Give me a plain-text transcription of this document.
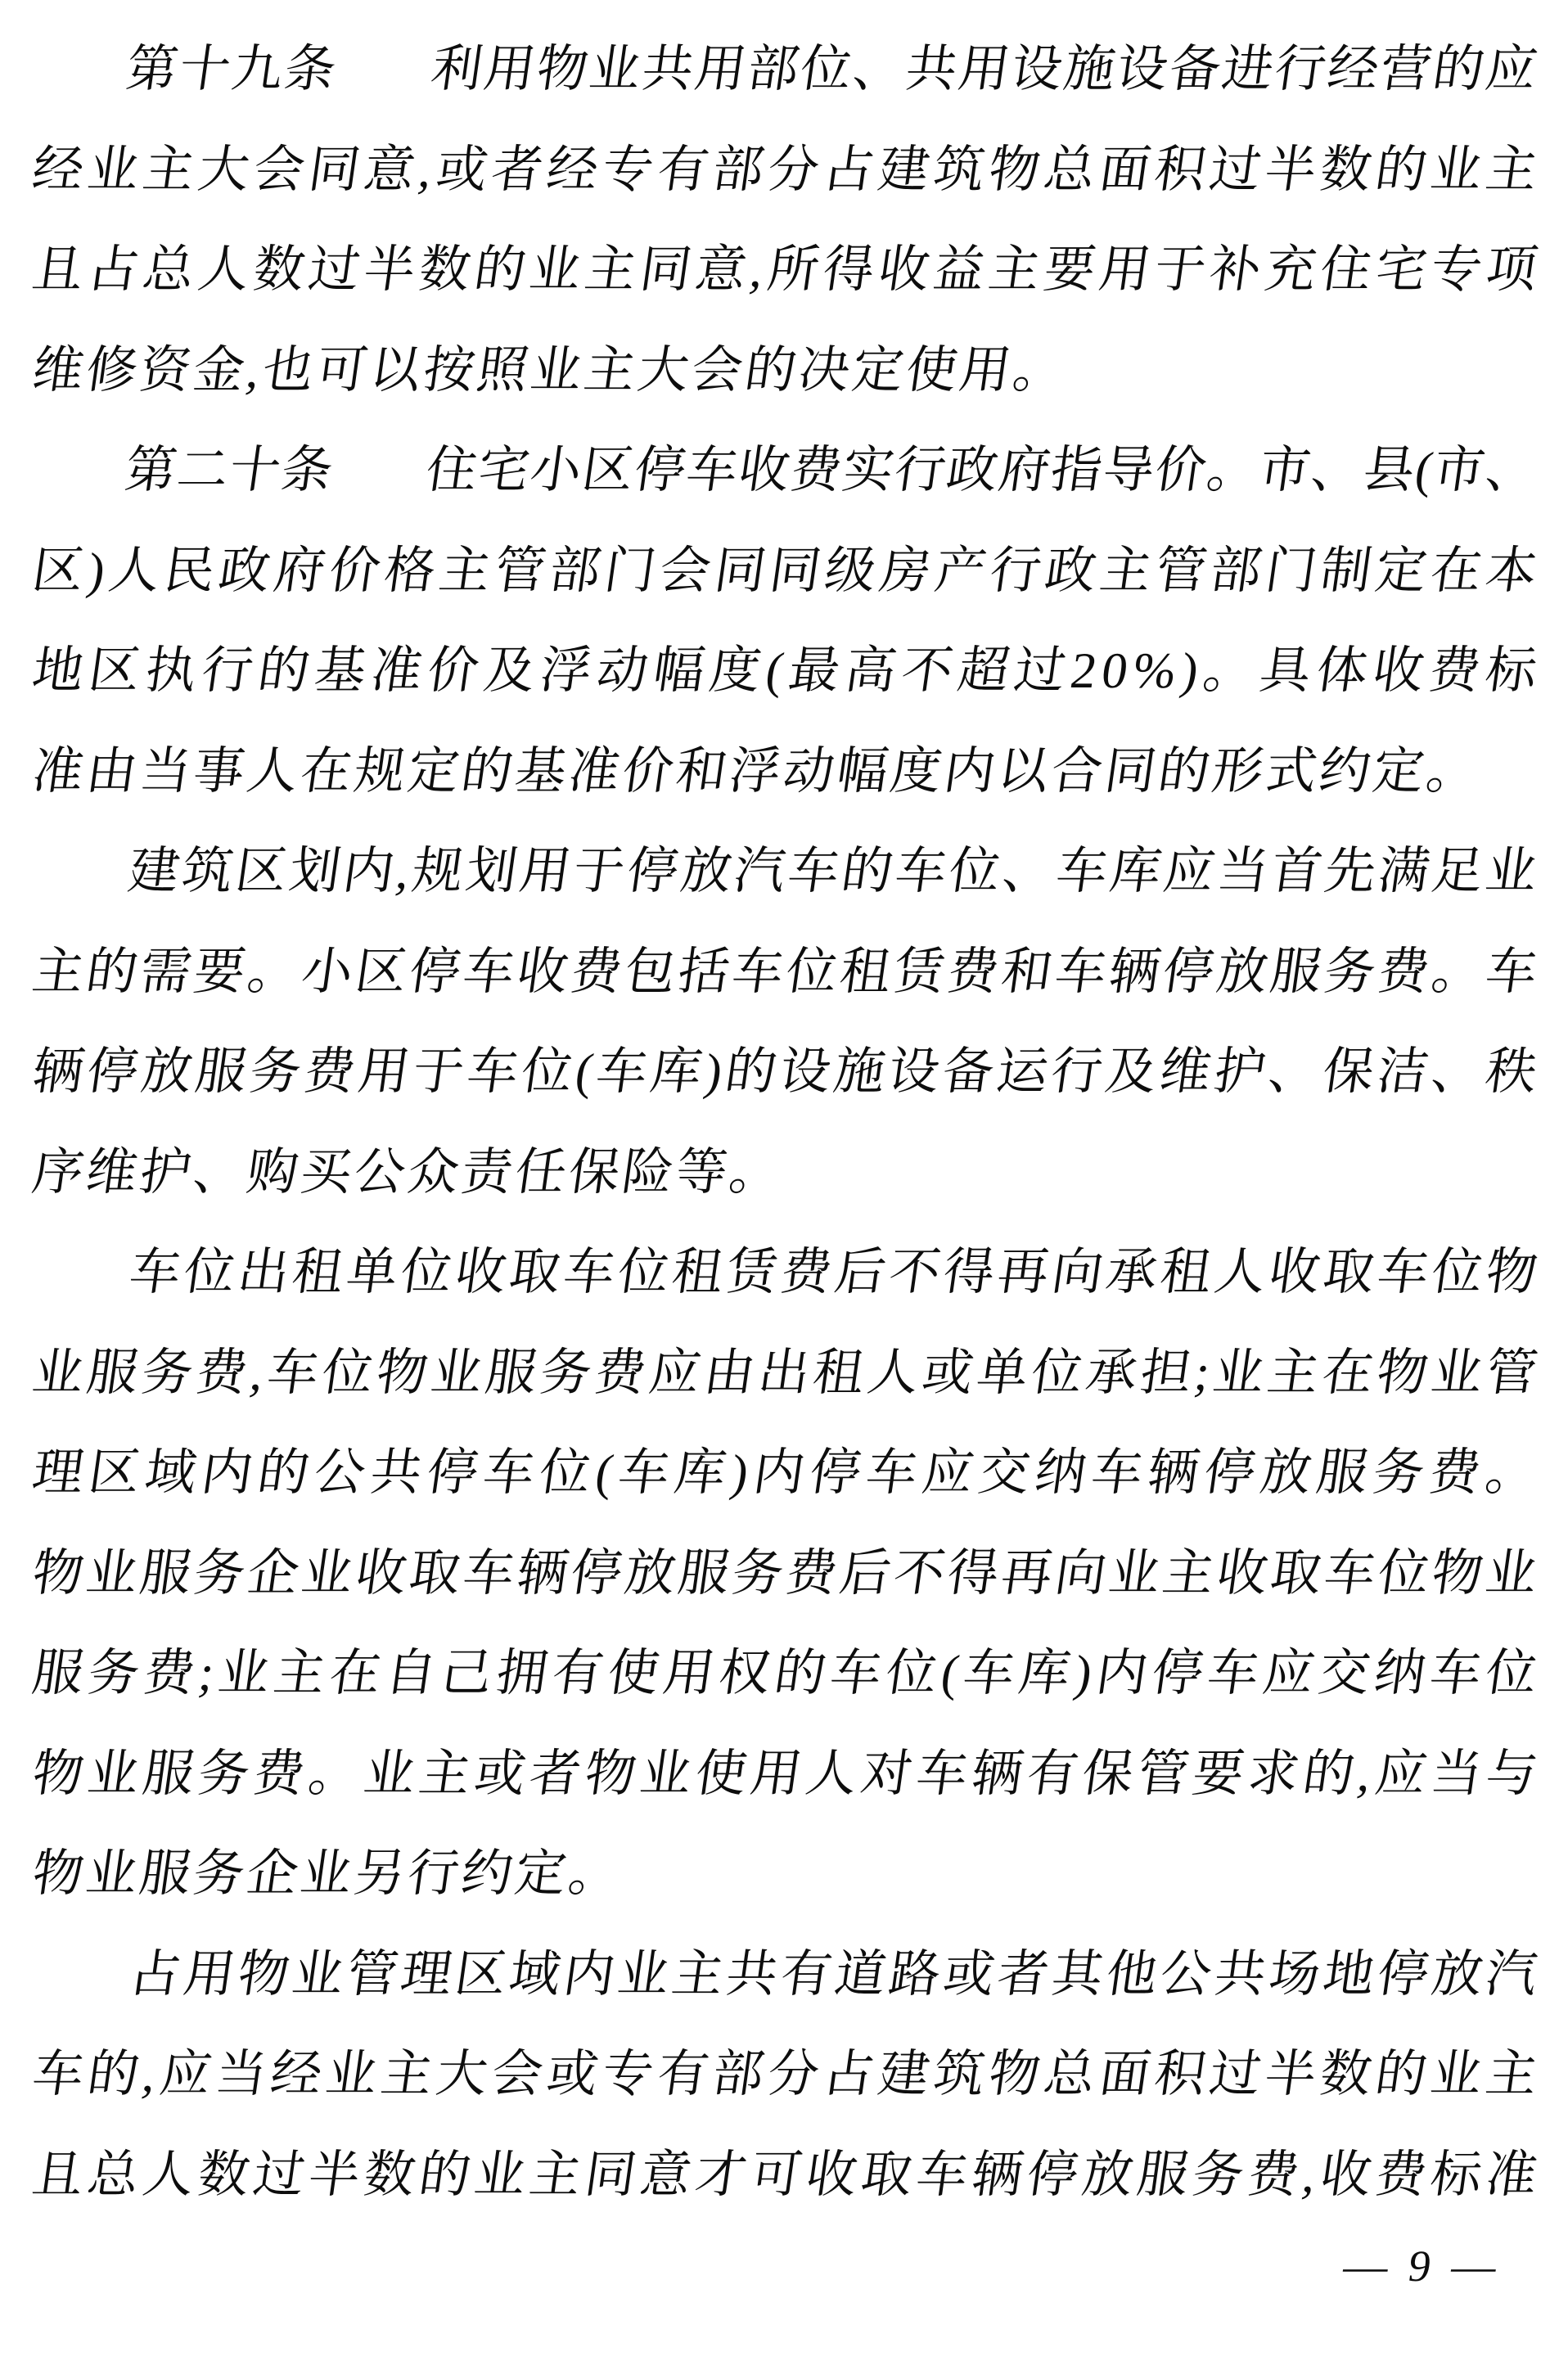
第
十
九
条 利
用
物
业
共
用
部
位
、
共
用
设
施
设
备
进
行
经
营
的
应
经
业
主
大
会
同
意
,
或
者
经
专
有
部
分
占
建
筑
物
总
面
积
过
半
数
的
业
主
且
占
总
人
数
过
半
数
的
业
主
同
意
,
所
得
收
益
主
要
用
于
补
充
住
宅
专
项
维
修
资
金
,
也
可
以
按
照
业
主
大
会
的
决
定
使
用
。
第
二
十
条 住
宅
小
区
停
车
收
费
实
行
政
府
指
导
价
。
市
、
县
(
市
、
区
)
人
民
政
府
价
格
主
管
部
门
会
同
同
级
房
产
行
政
主
管
部
门
制
定
在
本
地
区
执
行
的
基
准
价
及
浮
动
幅
度
(
最
高
不
超
过
2
0
%
)
。
具
体
收
费
标
准
由
当
事
人
在
规
定
的
基
准
价
和
浮
动
幅
度
内
以
合
同
的
形
式
约
定
。
建
筑
区
划
内
,
规
划
用
于
停
放
汽
车
的
车
位
、
车
库
应
当
首
先
满
足
业
主
的
需
要
。
小
区
停
车
收
费
包
括
车
位
租
赁
费
和
车
辆
停
放
服
务
费
。
车
辆
停
放
服
务
费
用
于
车
位
(
车
库
)
的
设
施
设
备
运
行
及
维
护
、
保
洁
、
秩
序
维
护
、
购
买
公
众
责
任
保
险
等
。
车
位
出
租
单
位
收
取
车
位
租
赁
费
后
不
得
再
向
承
租
人
收
取
车
位
物
业
服
务
费
,
车
位
物
业
服
务
费
应
由
出
租
人
或
单
位
承
担
;
业
主
在
物
业
管
理
区
域
内
的
公
共
停
车
位
(
车
库
)
内
停
车
应
交
纳
车
辆
停
放
服
务
费
。
物
业
服
务
企
业
收
取
车
辆
停
放
服
务
费
后
不
得
再
向
业
主
收
取
车
位
物
业
服
务
费
;
业
主
在
自
己
拥
有
使
用
权
的
车
位
(
车
库
)
内
停
车
应
交
纳
车
位
物
业
服
务
费
。
业
主
或
者
物
业
使
用
人
对
车
辆
有
保
管
要
求
的
,
应
当
与
物
业
服
务
企
业
另
行
约
定
。
占
用
物
业
管
理
区
域
内
业
主
共
有
道
路
或
者
其
他
公
共
场
地
停
放
汽
车
的
,
应
当
经
业
主
大
会
或
专
有
部
分
占
建
筑
物
总
面
积
过
半
数
的
业
主
且
总
人
数
过
半
数
的
业
主
同
意
才
可
收
取
车
辆
停
放
服
务
费
,
收
费
标
准
— 9 —
